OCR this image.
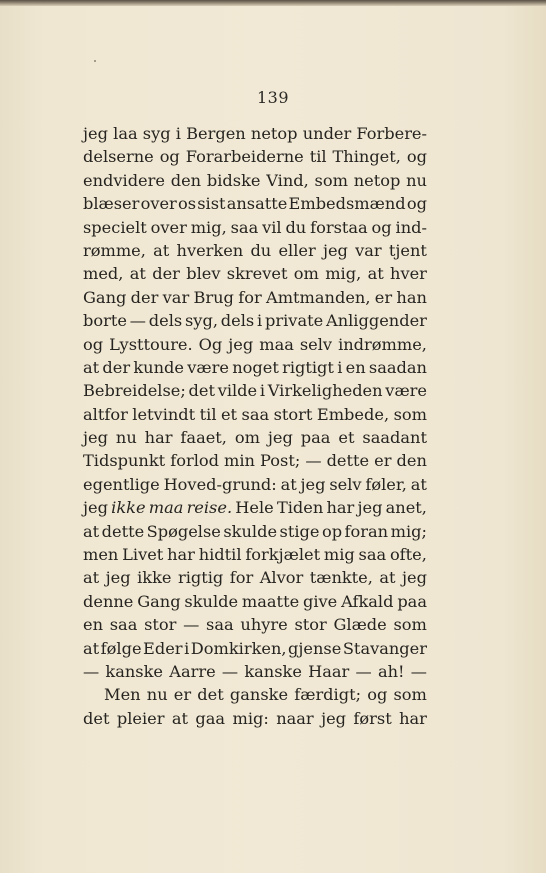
139
jeg laa syg i Bergen netop under Forbere-
delserne og Forarbeiderne til Thinget, og
endvidere den bidske Vind, som netop nu
blæser over os sist ansatte Embedsmænd og
specielt over mig, saa vil du forstaa og ind-
rømme, at hverken du eller jeg var tjent
med, at der blev skrevet om mig, at hver
Gang der var Brug for Amtmanden, er han
borte — dels syg, dels i private Anliggender
og Lysttoure. Og jeg maa selv indrømme,
at der kunde være noget rigtigt i en saadan
Bebreidelse; det vilde i Virkeligheden være
altfor letvindt til et saa stort Embede, som
jeg nu har faaet, om jeg paa et saadant
Tidspunkt forlod min Post; — dette er den
egentlige Hoved-grund: at jeg selv føler, at
jeg ikke maa reise. Hele Tiden har jeg anet,
at dette Spøgelse skulde stige op foran mig;
men Livet har hidtil forkjælet mig saa ofte,
at jeg ikke rigtig for Alvor tænkte, at jeg
denne Gang skulde maatte give Afkald paa
en saa stor — saa uhyre stor Glæde som
at følge Eder i Domkirken, gjense Stavanger
— kanske Aarre — kanske Haar — ah! —
Men nu er det ganske færdigt; og som
det pleier at gaa mig: naar jeg først har
